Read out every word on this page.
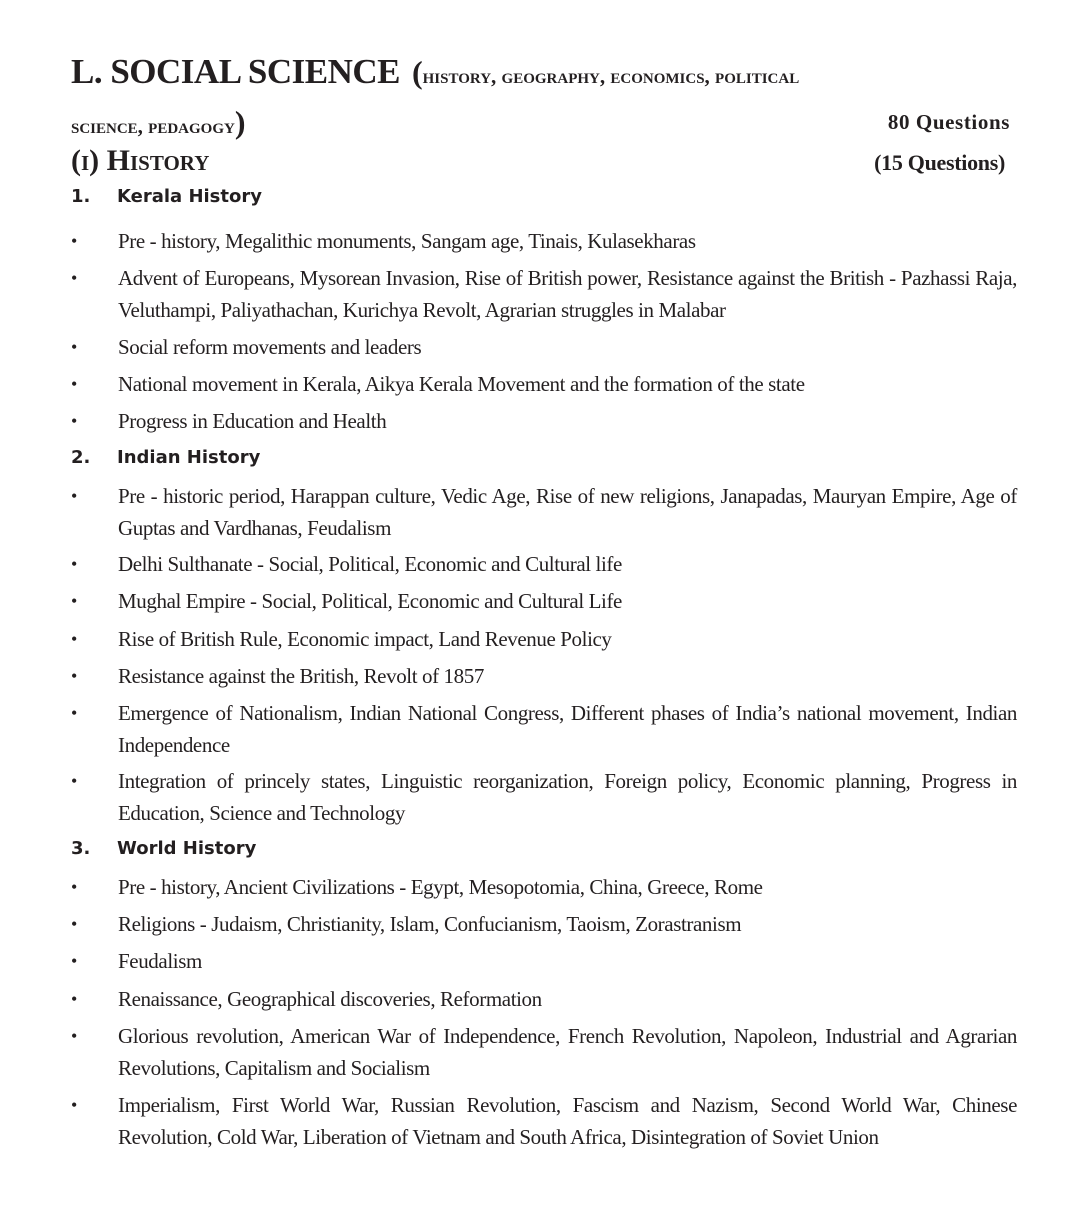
L. SOCIAL SCIENCE (history, geography, economics, political
science, pedagogy)	80 Questions
(i) History	(15 Questions)
1. Kerala History
•	Pre - history, Megalithic monuments, Sangam age, Tinais, Kulasekharas
•	Advent of Europeans, Mysorean Invasion, Rise of British power, Resistance against the British - Pazhassi Raja, Veluthampi, Paliyathachan, Kurichya Revolt, Agrarian struggles in Malabar
•	Social reform movements and leaders
•	National movement in Kerala, Aikya Kerala Movement and the formation of the state
•	Progress in Education and Health
2. Indian History
•	Pre - historic period, Harappan culture, Vedic Age, Rise of new religions, Janapadas, Mauryan Empire, Age of Guptas and Vardhanas, Feudalism
•	Delhi Sulthanate - Social, Political, Economic and Cultural life
•	Mughal Empire - Social, Political, Economic and Cultural Life
•	Rise of British Rule, Economic impact, Land Revenue Policy
•	Resistance against the British, Revolt of 1857
•	Emergence of Nationalism, Indian National Congress, Different phases of India’s national movement, Indian Independence
•	Integration of princely states, Linguistic reorganization, Foreign policy, Economic planning, Progress in Education, Science and Technology
3. World History
•	Pre - history, Ancient Civilizations - Egypt, Mesopotomia, China, Greece, Rome
•	Religions - Judaism, Christianity, Islam, Confucianism, Taoism, Zorastranism
•	Feudalism
•	Renaissance, Geographical discoveries, Reformation
•	Glorious revolution, American War of Independence, French Revolution, Napoleon, Industrial and Agrarian Revolutions, Capitalism and Socialism
•	Imperialism, First World War, Russian Revolution, Fascism and Nazism, Second World War, Chinese Revolution, Cold War, Liberation of Vietnam and South Africa, Disintegration of Soviet Union
